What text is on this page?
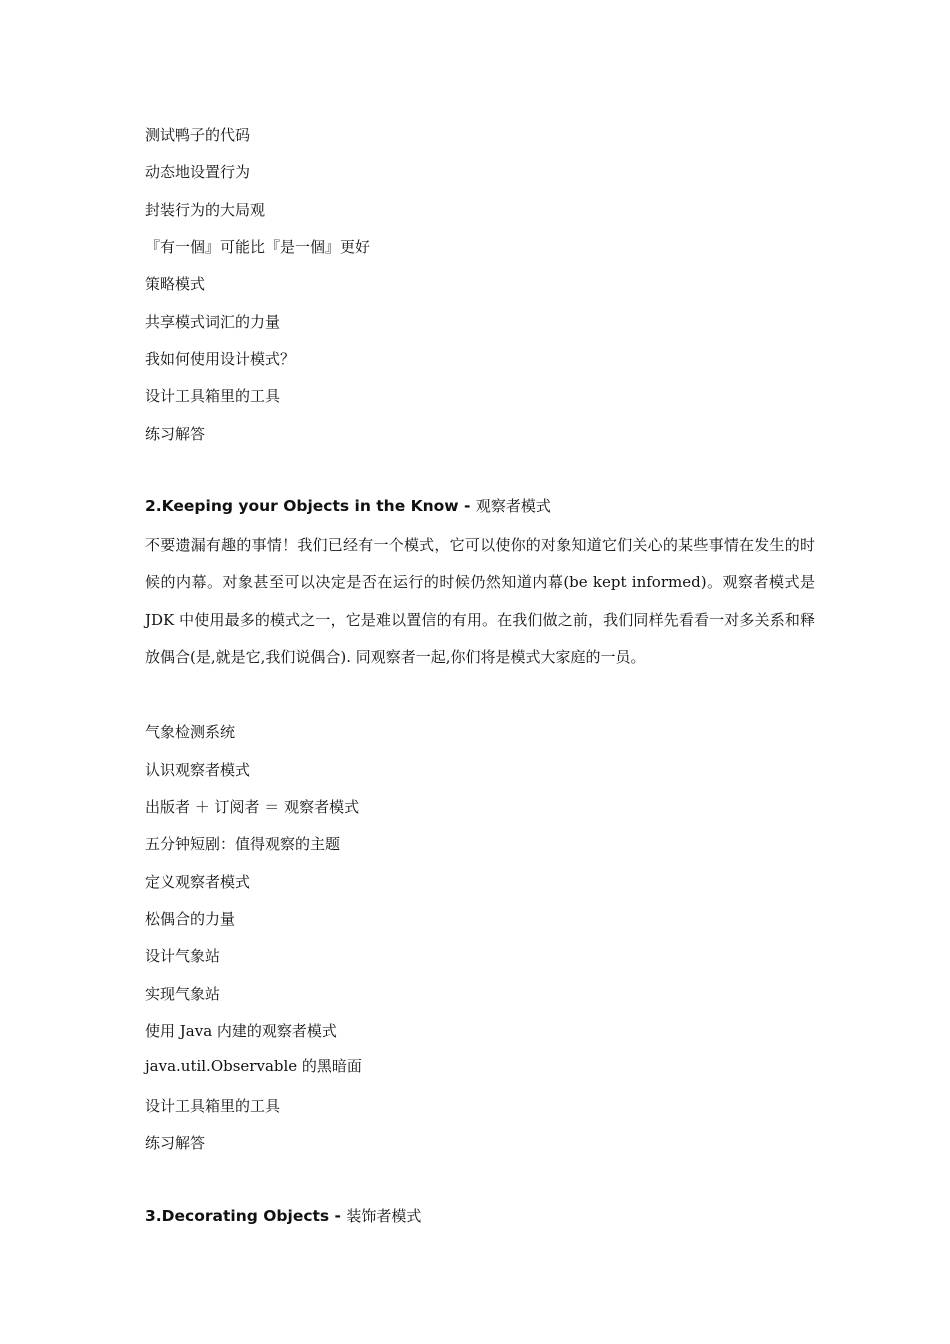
测试鸭子的代码
动态地设置行为
封装行为的大局观
『有一個』可能比『是一個』更好
策略模式
共享模式词汇的力量
我如何使用设计模式？
设计工具箱里的工具
练习解答
2.Keeping your Objects in the Know - 观察者模式
不要遗漏有趣的事情！我们已经有一个模式，它可以使你的对象知道它们关心的某些事情在发生的时候的内幕。对象甚至可以决定是否在运行的时候仍然知道内幕(be kept informed)。观察者模式是 JDK 中使用最多的模式之一，它是难以置信的有用。在我们做之前，我们同样先看看一对多关系和释放偶合(是,就是它,我们说偶合). 同观察者一起,你们将是模式大家庭的一员。
气象检测系统
认识观察者模式
出版者 ＋ 订阅者 ＝ 观察者模式
五分钟短剧：值得观察的主题
定义观察者模式
松偶合的力量
设计气象站
实现气象站
使用 Java 内建的观察者模式
java.util.Observable 的黑暗面
设计工具箱里的工具
练习解答
3.Decorating Objects - 装饰者模式
